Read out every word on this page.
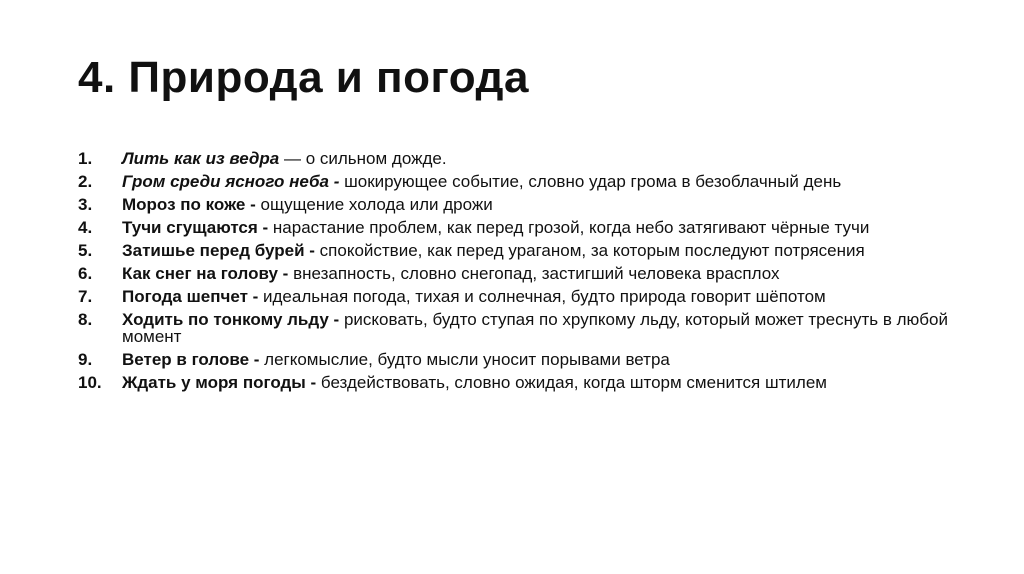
4. Природа и погода
1.	Лить как из ведра — о сильном дожде.
2.	Гром среди ясного неба - шокирующее событие, словно удар грома в безоблачный день
3.	Мороз по коже - ощущение холода или дрожи
4.	Тучи сгущаются - нарастание проблем, как перед грозой, когда небо затягивают чёрные тучи
5.	Затишье перед бурей - спокойствие, как перед ураганом, за которым последуют потрясения
6.	Как снег на голову - внезапность, словно снегопад, застигший человека врасплох
7.	Погода шепчет - идеальная погода, тихая и солнечная, будто природа говорит шёпотом
8.	Ходить по тонкому льду - рисковать, будто ступая по хрупкому льду, который может треснуть в любой момент
9.	Ветер в голове - легкомыслие, будто мысли уносит порывами ветра
10.	Ждать у моря погоды - бездействовать, словно ожидая, когда шторм сменится штилем
